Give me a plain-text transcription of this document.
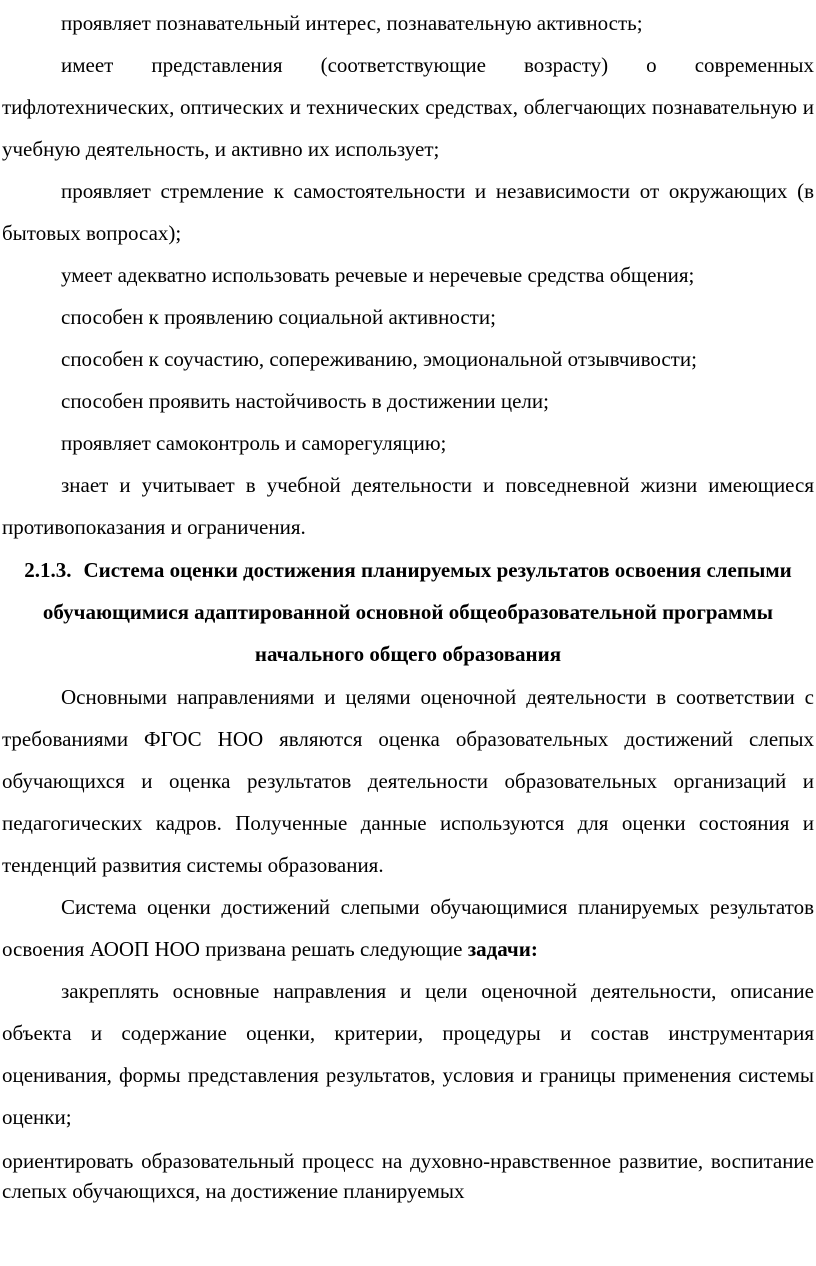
проявляет познавательный интерес, познавательную активность;

имеет представления (соответствующие возрасту) о современных тифлотехнических, оптических и технических средствах, облегчающих познавательную и учебную деятельность, и активно их использует;

проявляет стремление к самостоятельности и независимости от окружающих (в бытовых вопросах);

умеет адекватно использовать речевые и неречевые средства общения;

способен к проявлению социальной активности;

способен к соучастию, сопереживанию, эмоциональной отзывчивости;

способен проявить настойчивость в достижении цели;

проявляет самоконтроль и саморегуляцию;

знает и учитывает в учебной деятельности и повседневной жизни имеющиеся противопоказания и ограничения.

2.1.3. Система оценки достижения планируемых результатов освоения слепыми обучающимися адаптированной основной общеобразовательной программы начального общего образования

Основными направлениями и целями оценочной деятельности в соответствии с требованиями ФГОС НОО являются оценка образовательных достижений слепых обучающихся и оценка результатов деятельности образовательных организаций и педагогических кадров. Полученные данные используются для оценки состояния и тенденций развития системы образования.

Система оценки достижений слепыми обучающимися планируемых результатов освоения АООП НОО призвана решать следующие задачи:

закреплять основные направления и цели оценочной деятельности, описание объекта и содержание оценки, критерии, процедуры и состав инструментария оценивания, формы представления результатов, условия и границы применения системы оценки;

ориентировать образовательный процесс на духовно-нравственное развитие, воспитание слепых обучающихся, на достижение планируемых
